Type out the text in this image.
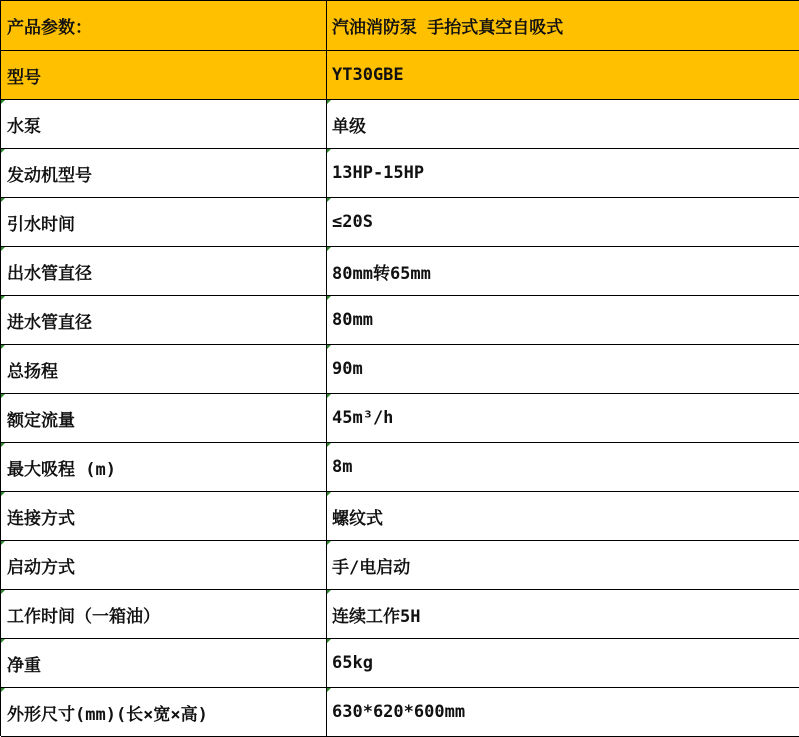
产品参数：	汽油消防泵 手抬式真空自吸式
型号	YT30GBE
水泵	单级
发动机型号	13HP-15HP
引水时间	≤20S
出水管直径	80mm转65mm
进水管直径	80mm
总扬程	90m
额定流量	45m³/h
最大吸程 (m)	8m
连接方式	螺纹式
启动方式	手/电启动
工作时间（一箱油）	连续工作5H
净重	65kg
外形尺寸(mm)(长×宽×高)	630*620*600mm
